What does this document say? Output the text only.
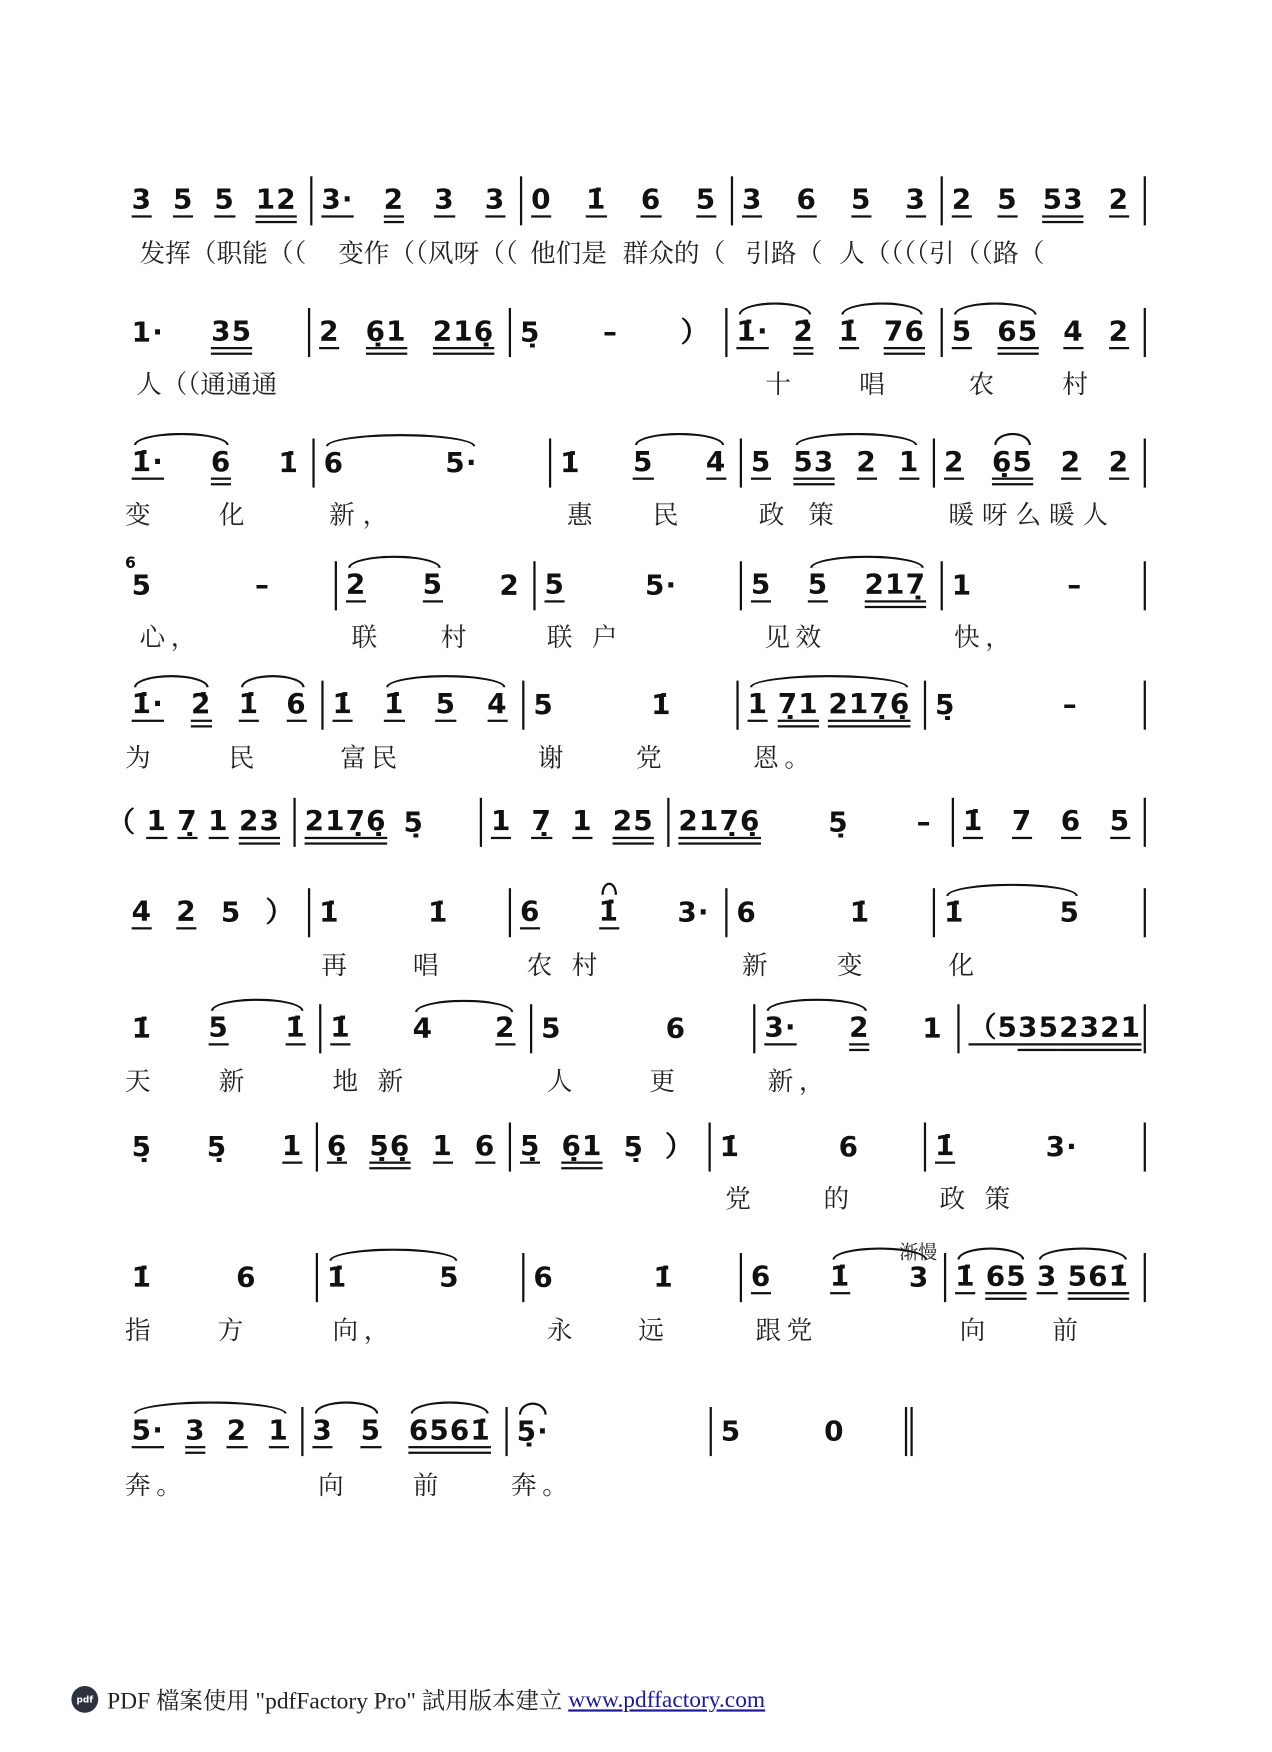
渐慢
pdf PDF 檔案使用 "pdfFactory Pro" 試用版本建立 www.pdffactory.com
3 5 5 12 3· 2 3 3 0 1̇ 6 5 3 6 5 3 2 5 53 2
发挥（职能（（ 变作（（风呀（（ 他们是 群众的（ 引路（ 人（（（（引（（路（
1· 35	2 6̣1 216̣ 5̣	–	） 1̇· 2̇ 1̇ 76 5 65 4 2
人（（通通通	十	唱	农	村
1̇· 6 1̇ 6	5·	1̇ 5 4 5 53 2 1 2 6̣5 2 2
变	化	新，	惠 民	政 策	暖呀么暖人
5
6
–	2 5 2 5	5·	5 5 217̣ 1	–
心，	联	村	联 户	见效	快，
1̇· 2̇ 1̇ 6 1̇ 1̇ 5 4 5	1̇	1 7̣1 217̣6̣ 5̣	–
为	民	富民	谢	党	恩。
（ 1 7̣ 1 23 217̣6̣ 5̣	1 7̣ 1 25 217̣6̣	5̣	– 1̇ 7 6 5
4 2 5 ） 1̇	1̇	6 1̇ 3· 6	1̇	1̇	5
再	唱	农 村	新	变	化
1̇ 5 1̇ 1̇ 4 2 5	6	3· 2 1 （5 35 2321
天	新	地 新	人	更	新，
5̣ 5̣ 1 6̣ 5̣6̣ 1 6 5̣ 6̣1 5̣ ） 1̇	6	1̇	3·
党	的	政 策
1̇	6	1̇	5	6	1̇	6 1̇ 3 1̇ 65 3 561̇
指	方	向，	永	远	跟党	向	前
5· 3 2 1 3 5 6561̇ 5̣·	5	0
奔。	向	前	奔。
